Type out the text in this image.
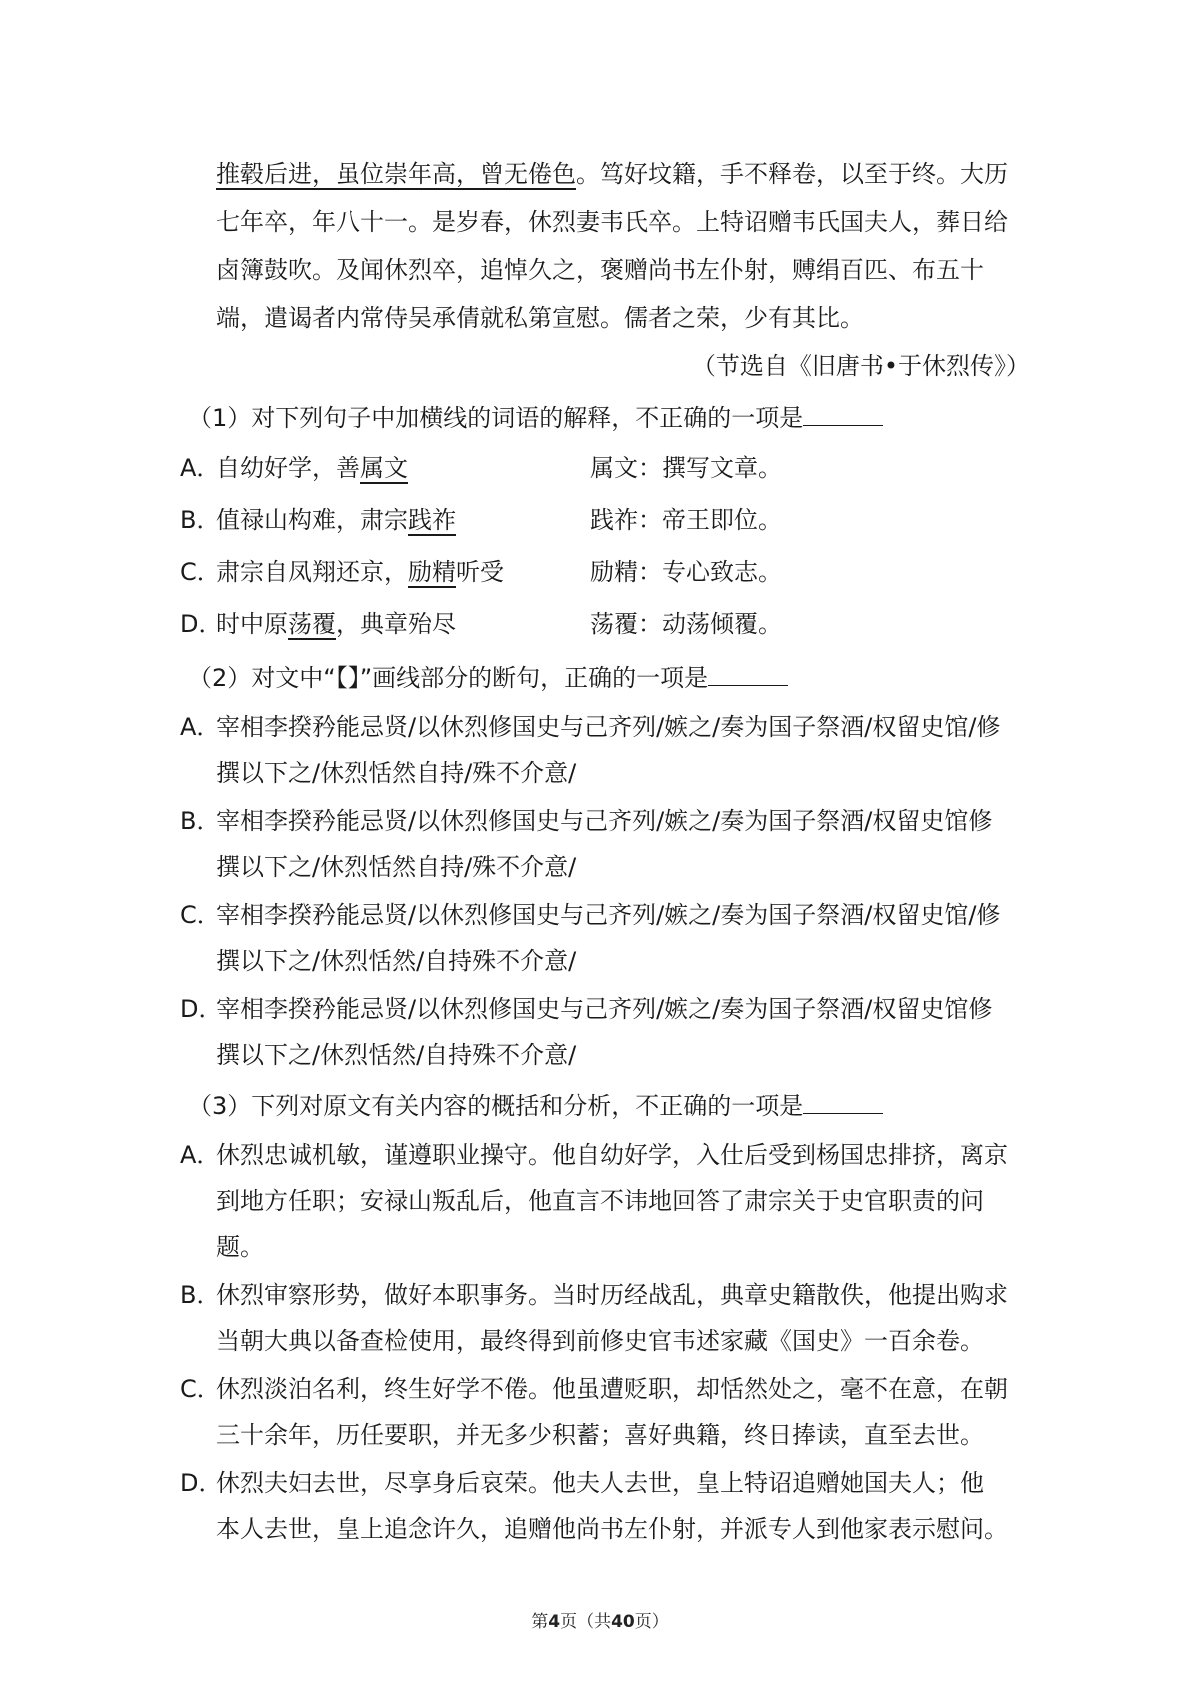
推毂后进，虽位崇年高，曾无倦色。笃好坟籍，手不释卷，以至于终。大历
七年卒，年八十一。是岁春，休烈妻韦氏卒。上特诏赠韦氏国夫人，葬日给
卤簿鼓吹。及闻休烈卒，追悼久之，褒赠尚书左仆射，赙绢百匹、布五十
端，遣谒者内常侍吴承倩就私第宣慰。儒者之荣，少有其比。
（节选自《旧唐书•于休烈传》）
（1）对下列句子中加横线的词语的解释，不正确的一项是
A．
自幼好学，善属文	属文：撰写文章。
B．
值禄山构难，肃宗践祚	践祚：帝王即位。
C．
肃宗自凤翔还京，励精听受	励精：专心致志。
D．
时中原荡覆，典章殆尽	荡覆：动荡倾覆。
（2）对文中“【】”画线部分的断句，正确的一项是
A．
宰相李揆矜能忌贤/以休烈修国史与己齐列/嫉之/奏为国子祭酒/权留史馆/修
撰以下之/休烈恬然自持/殊不介意/
B．
宰相李揆矜能忌贤/以休烈修国史与己齐列/嫉之/奏为国子祭酒/权留史馆修
撰以下之/休烈恬然自持/殊不介意/
C．
宰相李揆矜能忌贤/以休烈修国史与己齐列/嫉之/奏为国子祭酒/权留史馆/修
撰以下之/休烈恬然/自持殊不介意/
D．
宰相李揆矜能忌贤/以休烈修国史与己齐列/嫉之/奏为国子祭酒/权留史馆修
撰以下之/休烈恬然/自持殊不介意/
（3）下列对原文有关内容的概括和分析，不正确的一项是
A．
休烈忠诚机敏，谨遵职业操守。他自幼好学，入仕后受到杨国忠排挤，离京
到地方任职；安禄山叛乱后，他直言不讳地回答了肃宗关于史官职责的问
题。
B．
休烈审察形势，做好本职事务。当时历经战乱，典章史籍散佚，他提出购求
当朝大典以备查检使用，最终得到前修史官韦述家藏《国史》一百余卷。
C．
休烈淡泊名利，终生好学不倦。他虽遭贬职，却恬然处之，毫不在意，在朝
三十余年，历任要职，并无多少积蓄；喜好典籍，终日捧读，直至去世。
D．
休烈夫妇去世，尽享身后哀荣。他夫人去世，皇上特诏追赠她国夫人；他
本人去世，皇上追念许久，追赠他尚书左仆射，并派专人到他家表示慰问。
第4页（共40页）
